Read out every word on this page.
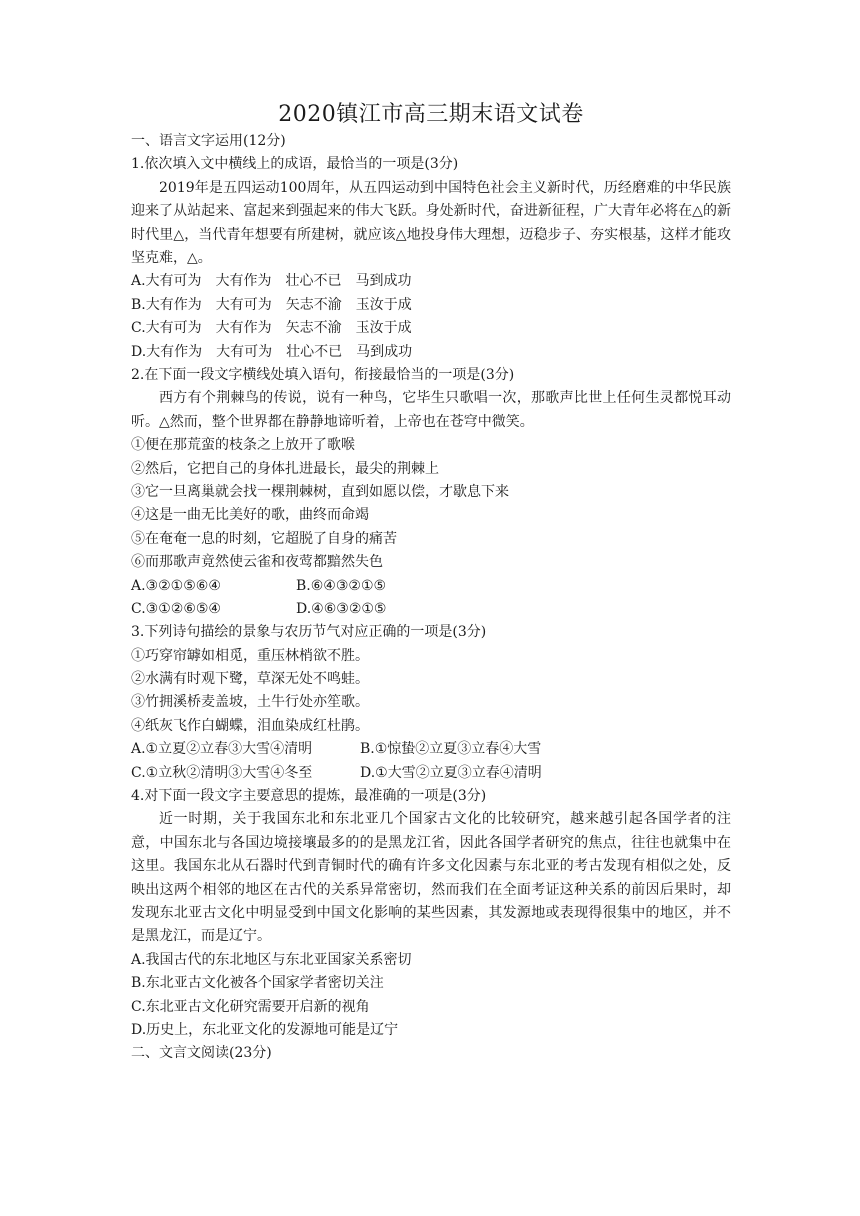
2020镇江市高三期末语文试卷
一、语言文字运用(12分)
1.依次填入文中横线上的成语，最恰当的一项是(3分)

2019年是五四运动100周年，从五四运动到中国特色社会主义新时代，历经磨难的中华民族迎来了从站起来、富起来到强起来的伟大飞跃。身处新时代，奋进新征程，广大青年必将在△的新时代里△，当代青年想要有所建树，就应该△地投身伟大理想，迈稳步子、夯实根基，这样才能攻坚克难，△。

A.大有可为　大有作为　壮心不已　马到成功
B.大有作为　大有可为　矢志不渝　玉汝于成
C.大有可为　大有作为　矢志不渝　玉汝于成
D.大有作为　大有可为　壮心不已　马到成功
2.在下面一段文字横线处填入语句，衔接最恰当的一项是(3分)

西方有个荆棘鸟的传说，说有一种鸟，它毕生只歌唱一次，那歌声比世上任何生灵都悦耳动听。△然而，整个世界都在静静地谛听着，上帝也在苍穹中微笑。

①便在那荒蛮的枝条之上放开了歌喉
②然后，它把自己的身体扎进最长，最尖的荆棘上
③它一旦离巢就会找一棵荆棘树，直到如愿以偿，才歇息下来
④这是一曲无比美好的歌，曲终而命竭
⑤在奄奄一息的时刻，它超脱了自身的痛苦
⑥而那歌声竟然使云雀和夜莺都黯然失色
A.③②①⑤⑥④	B.⑥④③②①⑤
C.③①②⑥⑤④	D.④⑥③②①⑤
3.下列诗句描绘的景象与农历节气对应正确的一项是(3分)
①巧穿帘罅如相觅，重压林梢欲不胜。
②水满有时观下鹭，草深无处不鸣蛙。
③竹拥溪桥麦盖坡，土牛行处亦笙歌。
④纸灰飞作白蝴蝶，泪血染成红杜鹃。
A.①立夏②立春③大雪④清明	B.①惊蛰②立夏③立春④大雪
C.①立秋②清明③大雪④冬至	D.①大雪②立夏③立春④清明
4.对下面一段文字主要意思的提炼，最准确的一项是(3分)

近一时期，关于我国东北和东北亚几个国家古文化的比较研究，越来越引起各国学者的注意，中国东北与各国边境接壤最多的的是黑龙江省，因此各国学者研究的焦点，往往也就集中在这里。我国东北从石器时代到青铜时代的确有许多文化因素与东北亚的考古发现有相似之处，反映出这两个相邻的地区在古代的关系异常密切，然而我们在全面考证这种关系的前因后果时，却发现东北亚古文化中明显受到中国文化影响的某些因素，其发源地或表现得很集中的地区，并不是黑龙江，而是辽宁。

A.我国古代的东北地区与东北亚国家关系密切
B.东北亚古文化被各个国家学者密切关注
C.东北亚古文化研究需要开启新的视角
D.历史上，东北亚文化的发源地可能是辽宁
二、文言文阅读(23分)
